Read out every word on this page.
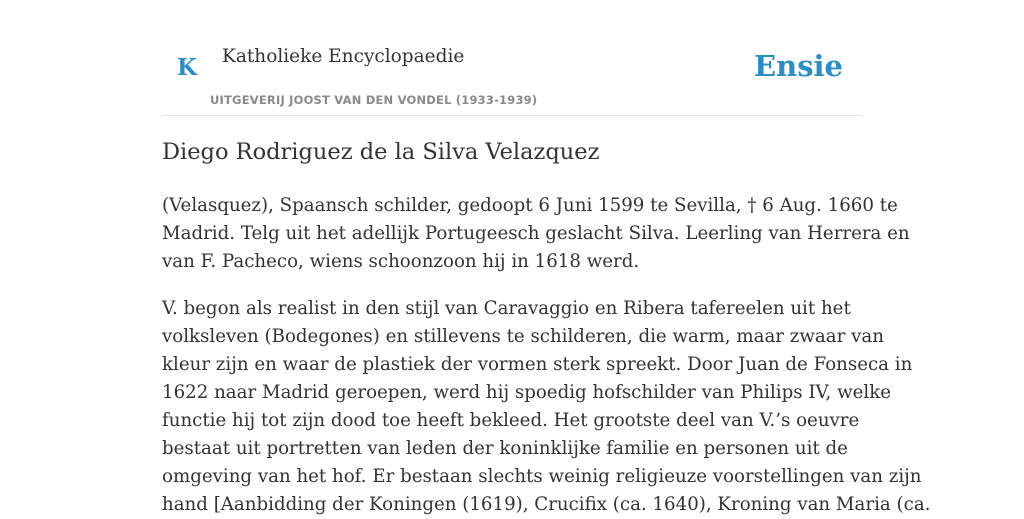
K Katholieke Encyclopaedie
UITGEVERIJ JOOST VAN DEN VONDEL (1933-1939)
Ensie
Diego Rodriguez de la Silva Velazquez

(Velasquez), Spaansch schilder, gedoopt 6 Juni 1599 te Sevilla, † 6 Aug. 1660 te
Madrid. Telg uit het adellijk Portugeesch geslacht Silva. Leerling van Herrera en
van F. Pacheco, wiens schoonzoon hij in 1618 werd.

V. begon als realist in den stijl van Caravaggio en Ribera tafereelen uit het
volksleven (Bodegones) en stillevens te schilderen, die warm, maar zwaar van
kleur zijn en waar de plastiek der vormen sterk spreekt. Door Juan de Fonseca in
1622 naar Madrid geroepen, werd hij spoedig hofschilder van Philips IV, welke
functie hij tot zijn dood toe heeft bekleed. Het grootste deel van V.’s oeuvre
bestaat uit portretten van leden der koninklijke familie en personen uit de
omgeving van het hof. Er bestaan slechts weinig religieuze voorstellingen van zijn
hand [Aanbidding der Koningen (1619), Crucifix (ca. 1640), Kroning van Maria (ca.
